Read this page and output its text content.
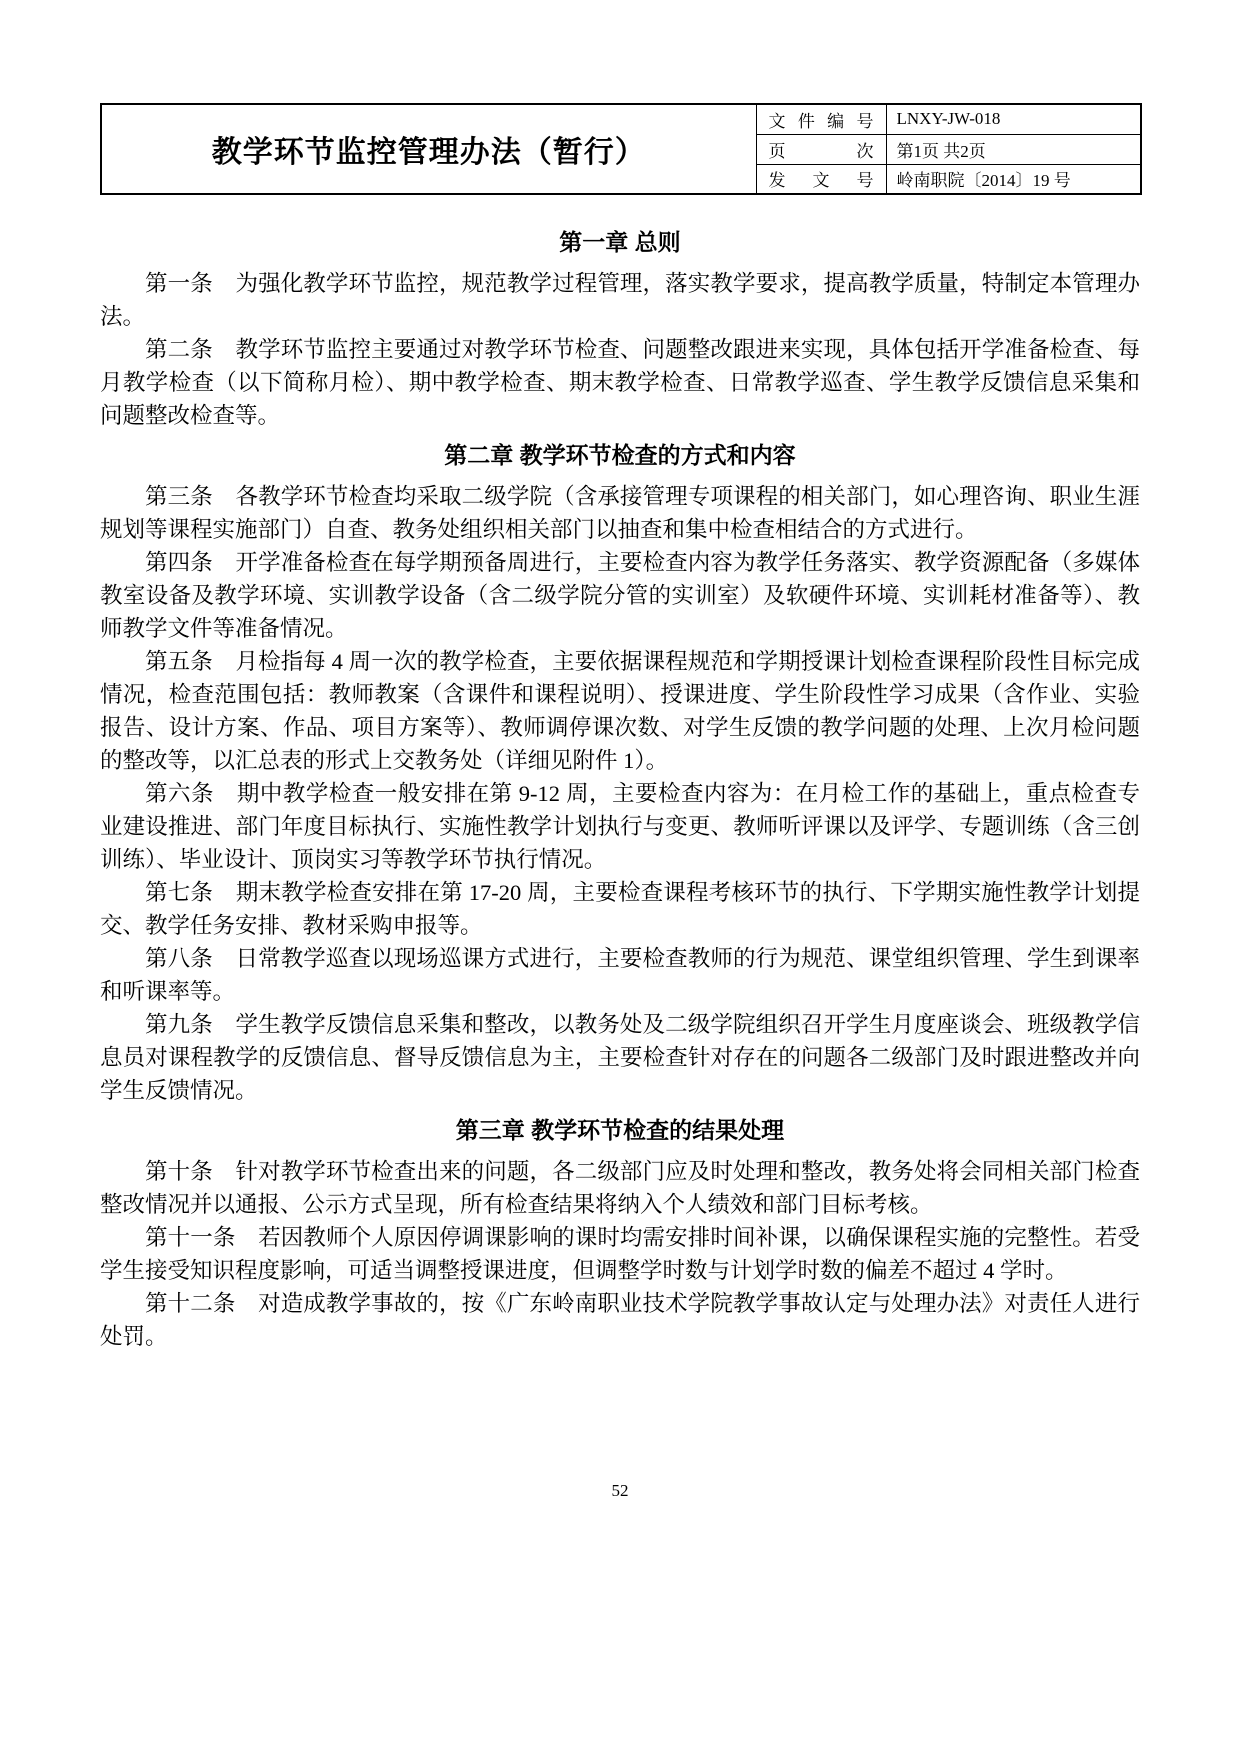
教学环节监控管理办法（暂行）	文 件 编 号	LNXY-JW-018
	页 次	第1页 共2页
	发 文 号	岭南职院〔2014〕19 号
第一章 总则

第一条　为强化教学环节监控，规范教学过程管理，落实教学要求，提高教学质量，特制定本管理办法。

第二条　教学环节监控主要通过对教学环节检查、问题整改跟进来实现，具体包括开学准备检查、每月教学检查（以下简称月检）、期中教学检查、期末教学检查、日常教学巡查、学生教学反馈信息采集和问题整改检查等。

第二章 教学环节检查的方式和内容

第三条　各教学环节检查均采取二级学院（含承接管理专项课程的相关部门，如心理咨询、职业生涯规划等课程实施部门）自查、教务处组织相关部门以抽查和集中检查相结合的方式进行。

第四条　开学准备检查在每学期预备周进行，主要检查内容为教学任务落实、教学资源配备（多媒体教室设备及教学环境、实训教学设备（含二级学院分管的实训室）及软硬件环境、实训耗材准备等）、教师教学文件等准备情况。

第五条　月检指每 4 周一次的教学检查，主要依据课程规范和学期授课计划检查课程阶段性目标完成情况，检查范围包括：教师教案（含课件和课程说明）、授课进度、学生阶段性学习成果（含作业、实验报告、设计方案、作品、项目方案等）、教师调停课次数、对学生反馈的教学问题的处理、上次月检问题的整改等，以汇总表的形式上交教务处（详细见附件 1）。

第六条　期中教学检查一般安排在第 9-12 周，主要检查内容为：在月检工作的基础上，重点检查专业建设推进、部门年度目标执行、实施性教学计划执行与变更、教师听评课以及评学、专题训练（含三创训练）、毕业设计、顶岗实习等教学环节执行情况。

第七条　期末教学检查安排在第 17-20 周，主要检查课程考核环节的执行、下学期实施性教学计划提交、教学任务安排、教材采购申报等。

第八条　日常教学巡查以现场巡课方式进行，主要检查教师的行为规范、课堂组织管理、学生到课率和听课率等。

第九条　学生教学反馈信息采集和整改，以教务处及二级学院组织召开学生月度座谈会、班级教学信息员对课程教学的反馈信息、督导反馈信息为主，主要检查针对存在的问题各二级部门及时跟进整改并向学生反馈情况。

第三章 教学环节检查的结果处理

第十条　针对教学环节检查出来的问题，各二级部门应及时处理和整改，教务处将会同相关部门检查整改情况并以通报、公示方式呈现，所有检查结果将纳入个人绩效和部门目标考核。

第十一条　若因教师个人原因停调课影响的课时均需安排时间补课，以确保课程实施的完整性。若受学生接受知识程度影响，可适当调整授课进度，但调整学时数与计划学时数的偏差不超过 4 学时。

第十二条　对造成教学事故的，按《广东岭南职业技术学院教学事故认定与处理办法》对责任人进行处罚。

52
